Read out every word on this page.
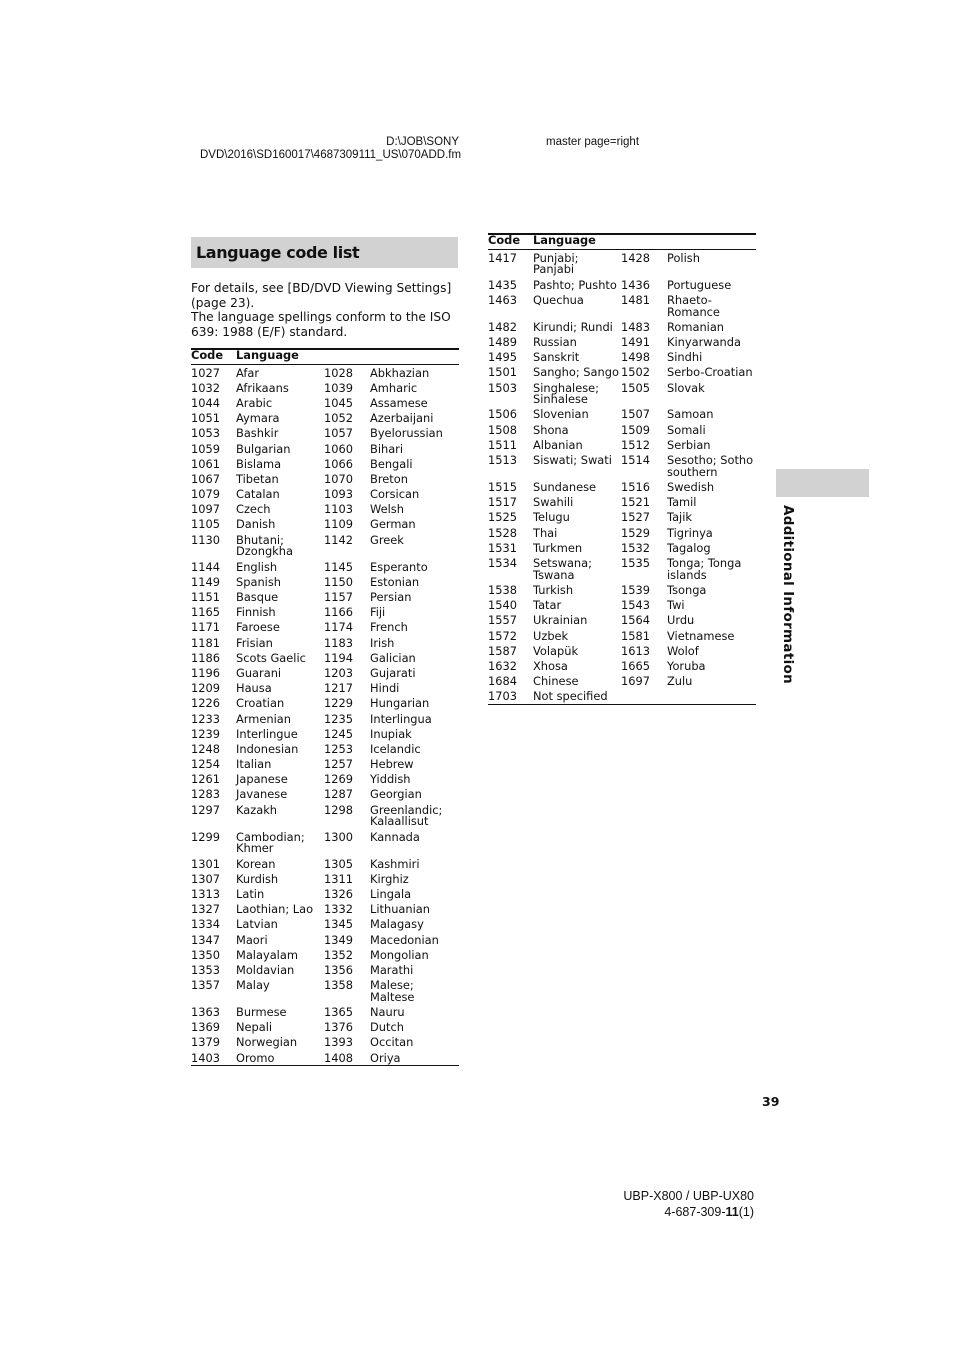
D:\JOB\SONY
DVD\2016\SD160017\4687309111_US\070ADD.fm
master page=right
Language code list

For details, see [BD/DVD Viewing Settings] (page 23).

The language spellings conform to the ISO 639: 1988 (E/F) standard.

Code	Language		
1027	Afar	1028	Abkhazian
1032	Afrikaans	1039	Amharic
1044	Arabic	1045	Assamese
1051	Aymara	1052	Azerbaijani
1053	Bashkir	1057	Byelorussian
1059	Bulgarian	1060	Bihari
1061	Bislama	1066	Bengali
1067	Tibetan	1070	Breton
1079	Catalan	1093	Corsican
1097	Czech	1103	Welsh
1105	Danish	1109	German
1130	Bhutani; Dzongkha	1142	Greek
1144	English	1145	Esperanto
1149	Spanish	1150	Estonian
1151	Basque	1157	Persian
1165	Finnish	1166	Fiji
1171	Faroese	1174	French
1181	Frisian	1183	Irish
1186	Scots Gaelic	1194	Galician
1196	Guarani	1203	Gujarati
1209	Hausa	1217	Hindi
1226	Croatian	1229	Hungarian
1233	Armenian	1235	Interlingua
1239	Interlingue	1245	Inupiak
1248	Indonesian	1253	Icelandic
1254	Italian	1257	Hebrew
1261	Japanese	1269	Yiddish
1283	Javanese	1287	Georgian
1297	Kazakh	1298	Greenlandic; Kalaallisut
1299	Cambodian; Khmer	1300	Kannada
1301	Korean	1305	Kashmiri
1307	Kurdish	1311	Kirghiz
1313	Latin	1326	Lingala
1327	Laothian; Lao	1332	Lithuanian
1334	Latvian	1345	Malagasy
1347	Maori	1349	Macedonian
1350	Malayalam	1352	Mongolian
1353	Moldavian	1356	Marathi
1357	Malay	1358	Malese; Maltese
1363	Burmese	1365	Nauru
1369	Nepali	1376	Dutch
1379	Norwegian	1393	Occitan
1403	Oromo	1408	Oriya
Code	Language		
1417	Punjabi; Panjabi	1428	Polish
1435	Pashto; Pushto	1436	Portuguese
1463	Quechua	1481	Rhaeto-Romance
1482	Kirundi; Rundi	1483	Romanian
1489	Russian	1491	Kinyarwanda
1495	Sanskrit	1498	Sindhi
1501	Sangho; Sango	1502	Serbo-Croatian
1503	Singhalese; Sinhalese	1505	Slovak
1506	Slovenian	1507	Samoan
1508	Shona	1509	Somali
1511	Albanian	1512	Serbian
1513	Siswati; Swati	1514	Sesotho; Sotho southern
1515	Sundanese	1516	Swedish
1517	Swahili	1521	Tamil
1525	Telugu	1527	Tajik
1528	Thai	1529	Tigrinya
1531	Turkmen	1532	Tagalog
1534	Setswana; Tswana	1535	Tonga; Tonga islands
1538	Turkish	1539	Tsonga
1540	Tatar	1543	Twi
1557	Ukrainian	1564	Urdu
1572	Uzbek	1581	Vietnamese
1587	Volapük	1613	Wolof
1632	Xhosa	1665	Yoruba
1684	Chinese	1697	Zulu
1703	Not specified		
Additional Information
39
UBP-X800 / UBP-UX80
4-687-309-11(1)
